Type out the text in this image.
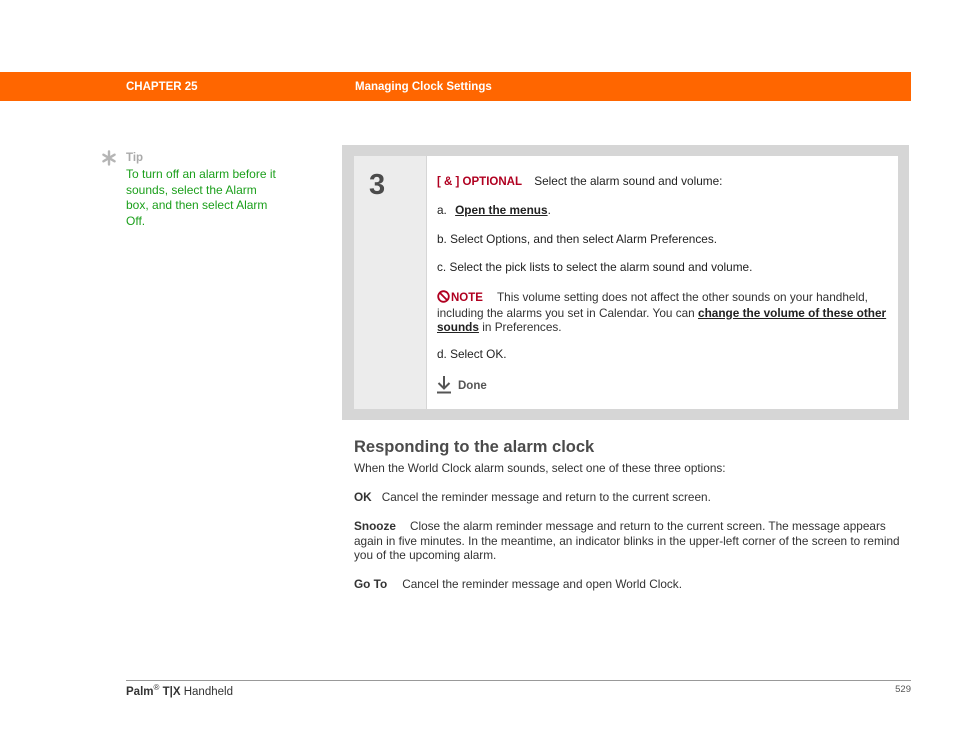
CHAPTER 25	Managing Clock Settings
Tip
To turn off an alarm before it sounds, select the Alarm box, and then select Alarm Off.
3	[ & ] OPTIONAL Select the alarm sound and volume:
a. Open the menus.
b. Select Options, and then select Alarm Preferences.
c. Select the pick lists to select the alarm sound and volume.
NOTE This volume setting does not affect the other sounds on your handheld, including the alarms you set in Calendar. You can change the volume of these other sounds in Preferences.
d. Select OK.
Done
Responding to the alarm clock
When the World Clock alarm sounds, select one of these three options:
OK Cancel the reminder message and return to the current screen.
Snooze Close the alarm reminder message and return to the current screen. The message appears again in five minutes. In the meantime, an indicator blinks in the upper-left corner of the screen to remind you of the upcoming alarm.
Go To Cancel the reminder message and open World Clock.
Palm® T|X Handheld	529
